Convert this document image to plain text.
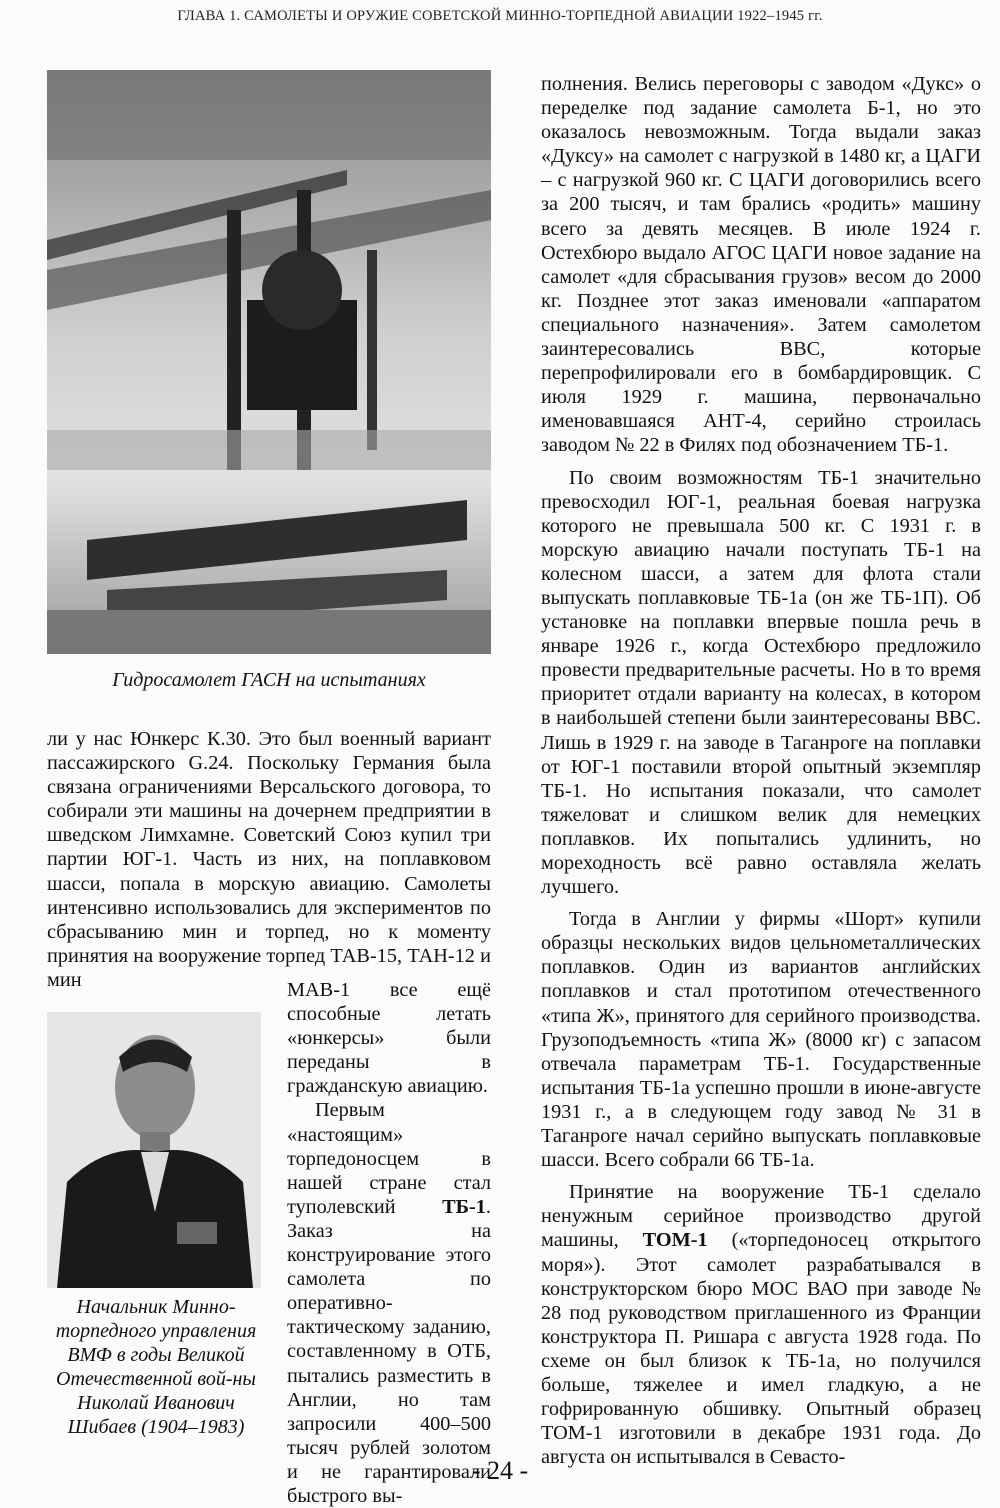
ГЛАВА 1. САМОЛЕТЫ И ОРУЖИЕ СОВЕТСКОЙ МИННО-ТОРПЕДНОЙ АВИАЦИИ 1922–1945 гг.
Гидросамолет ГАСН на испытаниях

ли у нас Юнкерс К.30. Это был военный вариант пассажирского G.24. Поскольку Германия была связана ограничениями Версальского договора, то собирали эти машины на дочернем предприятии в шведском Лимхамне. Советский Союз купил три партии ЮГ-1. Часть из них, на поплавковом шасси, попала в морскую авиацию. Самолеты интенсивно использовались для экспериментов по сбрасыванию мин и торпед, но к моменту принятия на вооружение торпед ТАВ-15, ТАН-12 и мин

Начальник Минно-торпедного управления ВМФ в годы Великой Отечественной вой-ны Николай Иванович Шибаев (1904–1983)

МАВ-1 все ещё способные летать «юнкерсы» были переданы в гражданскую авиацию.

Первым «настоящим» торпедоносцем в нашей стране стал туполевский ТБ-1. Заказ на конструирование этого самолета по оперативно-тактическому заданию, составленному в ОТБ, пытались разместить в Англии, но там запросили 400–500 тысяч рублей золотом и не гарантировали быстрого вы-

полнения. Велись переговоры с заводом «Дукс» о переделке под задание самолета Б-1, но это оказалось невозможным. Тогда выдали заказ «Дуксу» на самолет с нагрузкой в 1480 кг, а ЦАГИ – с нагрузкой 960 кг. С ЦАГИ договорились всего за 200 тысяч, и там брались «родить» машину всего за девять месяцев. В июле 1924 г. Остехбюро выдало АГОС ЦАГИ новое задание на самолет «для сбрасывания грузов» весом до 2000 кг. Позднее этот заказ именовали «аппаратом специального назначения». Затем самолетом заинтересовались ВВС, которые перепрофилировали его в бомбардировщик. С июля 1929 г. машина, первоначально именовавшаяся АНТ-4, серийно строилась заводом № 22 в Филях под обозначением ТБ-1.

По своим возможностям ТБ-1 значительно превосходил ЮГ-1, реальная боевая нагрузка которого не превышала 500 кг. С 1931 г. в морскую авиацию начали поступать ТБ-1 на колесном шасси, а затем для флота стали выпускать поплавковые ТБ-1а (он же ТБ-1П). Об установке на поплавки впервые пошла речь в январе 1926 г., когда Остехбюро предложило провести предварительные расчеты. Но в то время приоритет отдали варианту на колесах, в котором в наибольшей степени были заинтересованы ВВС. Лишь в 1929 г. на заводе в Таганроге на поплавки от ЮГ-1 поставили второй опытный экземпляр ТБ-1. Но испытания показали, что самолет тяжеловат и слишком велик для немецких поплавков. Их попытались удлинить, но мореходность всё равно оставляла желать лучшего.

Тогда в Англии у фирмы «Шорт» купили образцы нескольких видов цельнометаллических поплавков. Один из вариантов английских поплавков и стал прототипом отечественного «типа Ж», принятого для серийного производства. Грузоподъемность «типа Ж» (8000 кг) с запасом отвечала параметрам ТБ-1. Государственные испытания ТБ-1а успешно прошли в июне-августе 1931 г., а в следующем году завод № 31 в Таганроге начал серийно выпускать поплавковые шасси. Всего собрали 66 ТБ-1а.

Принятие на вооружение ТБ-1 сделало ненужным серийное производство другой машины, ТОМ-1 («торпедоносец открытого моря»). Этот самолет разрабатывался в конструкторском бюро МОС ВАО при заводе № 28 под руководством приглашенного из Франции конструктора П. Ришара с августа 1928 года. По схеме он был близок к ТБ-1а, но получился больше, тяжелее и имел гладкую, а не гофрированную обшивку. Опытный образец ТОМ-1 изготовили в декабре 1931 года. До августа он испытывался в Севасто-

- 24 -
